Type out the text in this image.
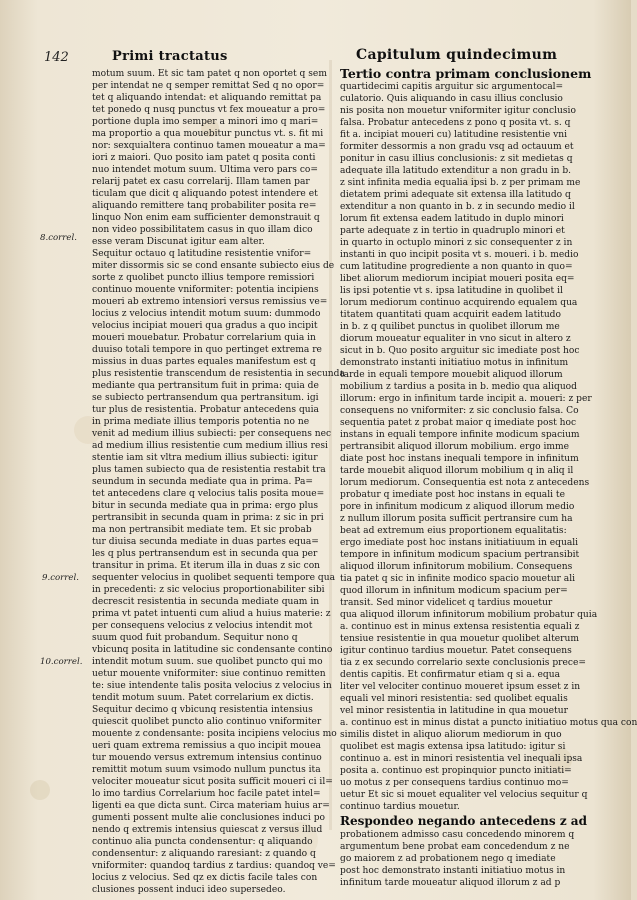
142	Primi tractatus	Capitulum quindecimum
8.correl.
9.correl.
10.correl.
motum suum. Et sic tam patet q non oportet q sem
per intendat ne q semper remittat Sed q no opor=
tet q aliquando intendat: et aliquando remittat pa
tet ponedo q nusq punctus vt fex moueatur a pro=
portione dupla imo semper a minori imo q mari=
ma proportio a qua mouebitur punctus vt. s. fit mi
nor: sexquialtera continuo tamen moueatur a ma=
iori z maiori. Quo posito iam patet q posita conti
nuo intendet motum suum. Ultima vero pars co=
relarij patet ex casu correlarij. Illam tamen par
ticulam que dicit q aliquando potest intendere et
aliquando remittere tanq probabiliter posita re=
linquo Non enim eam sufficienter demonstrauit q
non video possibilitatem casus in quo illam dico
esse veram Discunat igitur eam alter.
Sequitur octauo q latitudine resistentie vnifor=
miter dissormis sic se cond ensante subiecto eius de
sorte z quolibet puncto illius tempore remissiori
continuo mouente vniformiter: potentia incipiens
moueri ab extremo intensiori versus remissius ve=
locius z velocius intendit motum suum: dummodo
velocius incipiat moueri qua gradus a quo incipit
moueri mouebatur. Probatur correlarium quia in
duuiso totali tempore in quo pertinget extrema re
missius in duas partes equales manifestum est q
plus resistentie transcendum de resistentia in secunda
mediante qua pertransitum fuit in prima: quia de
se subiecto pertransendum qua pertransitum. igi
tur plus de resistentia. Probatur antecedens quia
in prima mediate illius temporis potentia no ne
venit ad medium illius subiecti: per consequens nec
ad medium illius resistentie cum medium illius resi
stentie iam sit vltra medium illius subiecti: igitur
plus tamen subiecto qua de resistentia restabit tra
seundum in secunda mediate qua in prima. Pa=
tet antecedens clare q velocius talis posita moue=
bitur in secunda mediate qua in prima: ergo plus
pertransibit in secunda quam in prima: z sic in pri
ma non pertransibit mediate tem. Et sic probab
tur diuisa secunda mediate in duas partes equa=
les q plus pertransendum est in secunda qua per
transitur in prima. Et iterum illa in duas z sic con
sequenter velocius in quolibet sequenti tempore qua
in precedenti: z sic velocius proportionabiliter sibi
decrescit resistentia in secunda mediate quam in
prima vt patet intuenti cum aliud a huius materie: z
per consequens velocius z velocius intendit mot
suum quod fuit probandum. Sequitur nono q
vbicunq posita in latitudine sic condensante contino
intendit motum suum. sue quolibet puncto qui mo
uetur mouente vniformiter: siue continuo remitten
te: siue intendente talis posita velocius z velocius in
tendit motum suum. Patet correlarium ex dictis.
Sequitur decimo q vbicunq resistentia intensius
quiescit quolibet puncto alio continuo vniformiter
mouente z condensante: posita incipiens velocius mo
ueri quam extrema remissius a quo incipit mouea
tur mouendo versus extremum intensius continuo
remittit motum suum vsimodo nullum punctus ita
velociter moueatur sicut posita sufficit moueri ci il=
lo imo tardius Correlarium hoc facile patet intel=
ligenti ea que dicta sunt. Circa materiam huius ar=
gumenti possent multe alie conclusiones induci po
nendo q extremis intensius quiescat z versus illud
continuo alia puncta condensentur: q aliquando
condensentur: z aliquando raresiant: z quando q
vniformiter: quandoq tardius z tardius: quandoq ve=
locius z velocius. Sed qz ex dictis facile tales con
clusiones possent induci ideo supersedeo.
Tertio contra primam conclusionem
quartidecimi capitis arguitur sic argumentocal=
culatorio. Quis aliquando in casu illius conclusio
nis posita non mouetur vniformiter igitur conclusio
falsa. Probatur antecedens z pono q posita vt. s. q
fit a. incipiat moueri cu) latitudine resistentie vni
formiter dessormis a non gradu vsq ad octauum et
ponitur in casu illius conclusionis: z sit medietas q
adequate illa latitudo extenditur a non gradu in b.
z sint infinita media equalia ipsi b. z per primam me
dietatem primi adequate sit extensa illa latitudo q
extenditur a non quanto in b. z in secundo medio il
lorum fit extensa eadem latitudo in duplo minori
parte adequate z in tertio in quadruplo minori et
in quarto in octuplo minori z sic consequenter z in
instanti in quo incipit posita vt s. moueri. i b. medio
cum latitudine progrediente a non quanto in quo=
libet aliorum mediorum incipiat moueri posita eq=
lis ipsi potentie vt s. ipsa latitudine in quolibet il
lorum mediorum continuo acquirendo equalem qua
titatem quantitati quam acquirit eadem latitudo
in b. z q quilibet punctus in quolibet illorum me
diorum moueatur equaliter in vno sicut in altero z
sicut in b. Quo posito arguitur sic imediate post hoc
demonstrato instanti initiatiuo motus in infinitum
tarde in equali tempore mouebit aliquod illorum
mobilium z tardius a posita in b. medio qua aliquod
illorum: ergo in infinitum tarde incipit a. moueri: z per
consequens no vniformiter: z sic conclusio falsa. Co
sequentia patet z probat maior q imediate post hoc
instans in equali tempore infinite modicum spacium
pertransibit aliquod illorum mobilium. ergo imme
diate post hoc instans inequali tempore in infinitum
tarde mouebit aliquod illorum mobilium q in aliq il
lorum mediorum. Consequentia est nota z antecedens
probatur q imediate post hoc instans in equali te
pore in infinitum modicum z aliquod illorum medio
z nullum illorum posita sufficit pertransire cum ha
beat ad extremum eius proportionem equalitatis:
ergo imediate post hoc instans initiatiuum in equali
tempore in infinitum modicum spacium pertransibit
aliquod illorum infinitorum mobilium. Consequens
tia patet q sic in infinite modico spacio mouetur ali
quod illorum in infinitum modicum spacium per=
transit. Sed minor videlicet q tardius mouetur
qua aliquod illorum infinitorum mobilium probatur quia
a. continuo est in minus extensa resistentia equali z
tensiue resistentie in qua mouetur quolibet alterum
igitur continuo tardius mouetur. Patet consequens
tia z ex secundo correlario sexte conclusionis prece=
dentis capitis. Et confirmatur etiam q si a. equa
liter vel velociter continuo moueret ipsum esset z in
equali vel minori resistentia: sed quolibet equalis
vel minor resistentia in latitudine in qua mouetur
a. continuo est in minus distat a puncto initiatiuo motus qua con
similis distet in aliquo aliorum mediorum in quo
quolibet est magis extensa ipsa latitudo: igitur si
continuo a. est in minori resistentia vel inequali ipsa
posita a. continuo est propinquior puncto initiati=
uo motus z per consequens tardius continuo mo=
uetur Et sic si mouet equaliter vel velocius sequitur q
continuo tardius mouetur.
Respondeo negando antecedens z ad
probationem admisso casu concedendo minorem q
argumentum bene probat eam concedendum z ne
go maiorem z ad probationem nego q imediate
post hoc demonstrato instanti initiatiuo motus in
infinitum tarde moueatur aliquod illorum z ad p
